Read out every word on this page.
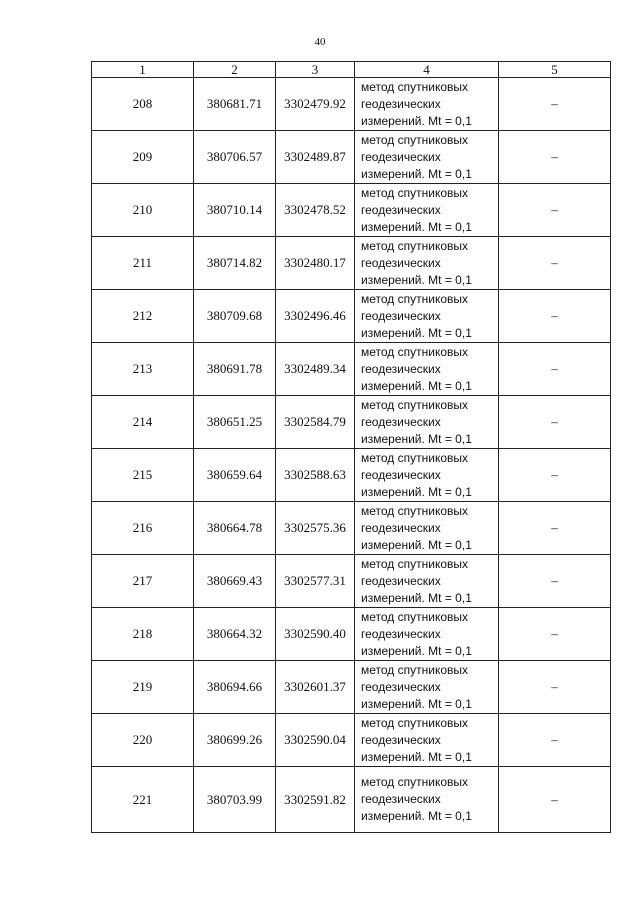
40
1	2	3	4	5
208	380681.71	3302479.92	метод спутниковых
геодезических
измерений. Mt = 0,1	–
209	380706.57	3302489.87	метод спутниковых
геодезических
измерений. Mt = 0,1	–
210	380710.14	3302478.52	метод спутниковых
геодезических
измерений. Mt = 0,1	–
211	380714.82	3302480.17	метод спутниковых
геодезических
измерений. Mt = 0,1	–
212	380709.68	3302496.46	метод спутниковых
геодезических
измерений. Mt = 0,1	–
213	380691.78	3302489.34	метод спутниковых
геодезических
измерений. Mt = 0,1	–
214	380651.25	3302584.79	метод спутниковых
геодезических
измерений. Mt = 0,1	–
215	380659.64	3302588.63	метод спутниковых
геодезических
измерений. Mt = 0,1	–
216	380664.78	3302575.36	метод спутниковых
геодезических
измерений. Mt = 0,1	–
217	380669.43	3302577.31	метод спутниковых
геодезических
измерений. Mt = 0,1	–
218	380664.32	3302590.40	метод спутниковых
геодезических
измерений. Mt = 0,1	–
219	380694.66	3302601.37	метод спутниковых
геодезических
измерений. Mt = 0,1	–
220	380699.26	3302590.04	метод спутниковых
геодезических
измерений. Mt = 0,1	–
221	380703.99	3302591.82	метод спутниковых
геодезических
измерений. Mt = 0,1	–
